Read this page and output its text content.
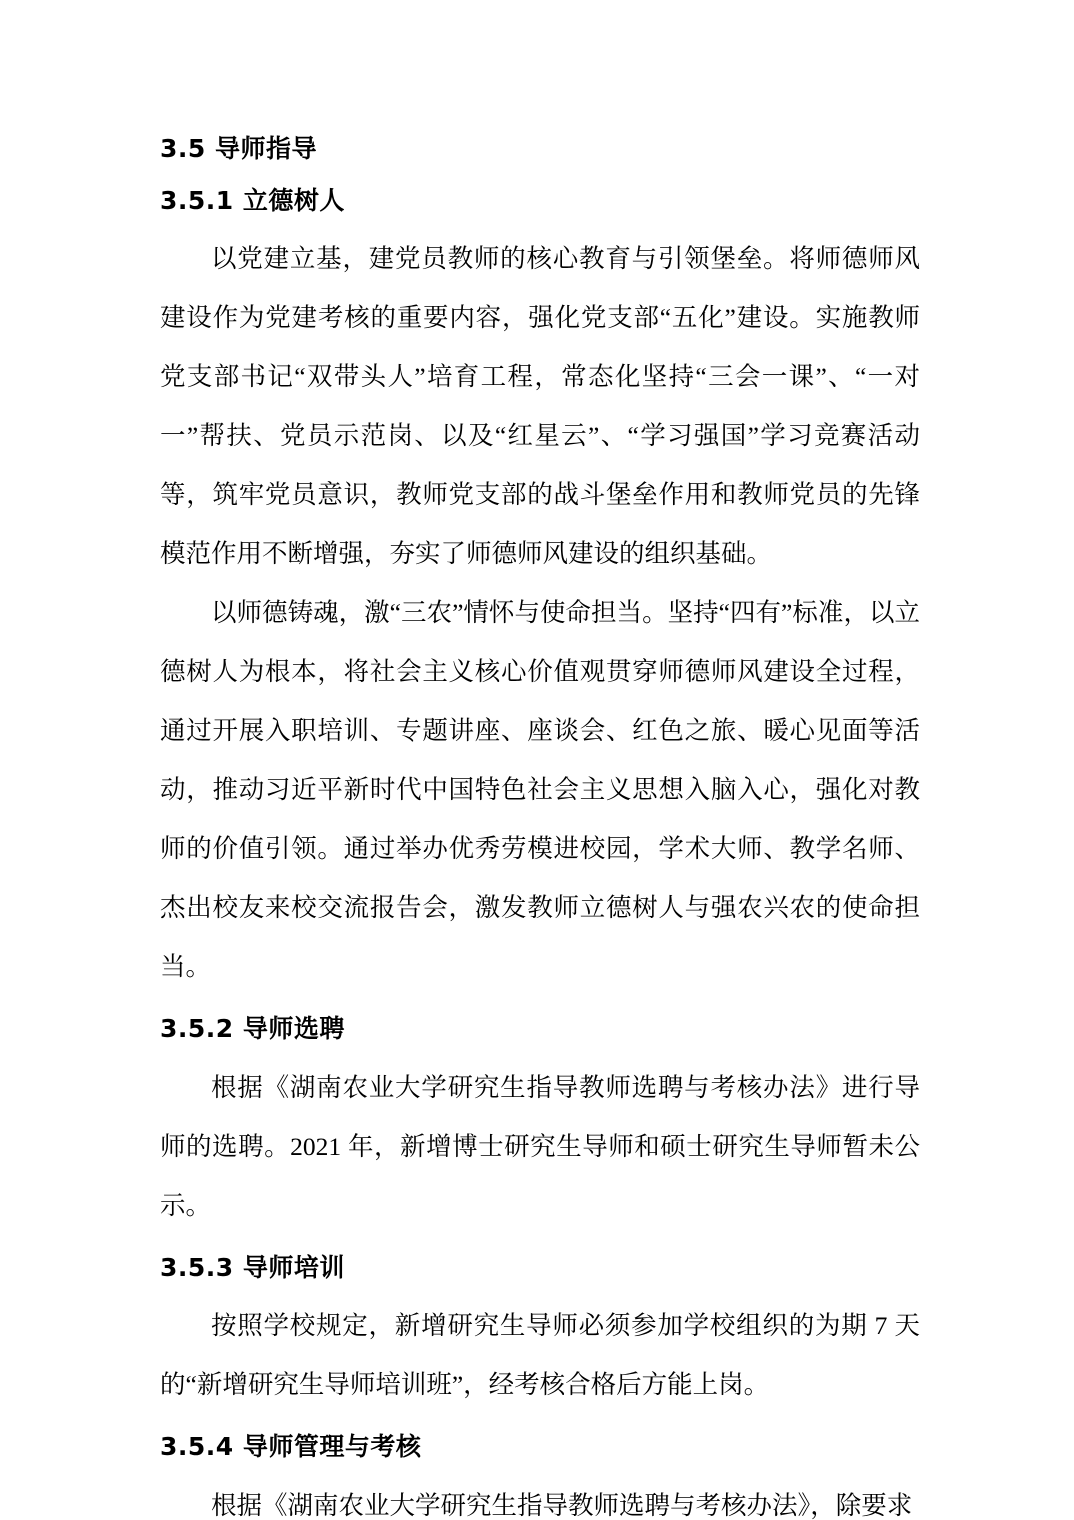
3.5 导师指导
3.5.1 立德树人

以党建立基，建党员教师的核心教育与引领堡垒。将师德师风建设作为党建考核的重要内容，强化党支部“五化”建设。实施教师党支部书记“双带头人”培育工程，常态化坚持“三会一课”、“一对一”帮扶、党员示范岗、以及“红星云”、“学习强国”学习竞赛活动等，筑牢党员意识，教师党支部的战斗堡垒作用和教师党员的先锋模范作用不断增强，夯实了师德师风建设的组织基础。

以师德铸魂，激“三农”情怀与使命担当。坚持“四有”标准，以立德树人为根本，将社会主义核心价值观贯穿师德师风建设全过程，通过开展入职培训、专题讲座、座谈会、红色之旅、暖心见面等活动，推动习近平新时代中国特色社会主义思想入脑入心，强化对教师的价值引领。通过举办优秀劳模进校园，学术大师、教学名师、杰出校友来校交流报告会，激发教师立德树人与强农兴农的使命担当。

3.5.2 导师选聘

根据《湖南农业大学研究生指导教师选聘与考核办法》进行导师的选聘。2021 年，新增博士研究生导师和硕士研究生导师暂未公示。

3.5.3 导师培训

按照学校规定，新增研究生导师必须参加学校组织的为期 7 天的“新增研究生导师培训班”，经考核合格后方能上岗。

3.5.4 导师管理与考核

根据《湖南农业大学研究生指导教师选聘与考核办法》，除要求
